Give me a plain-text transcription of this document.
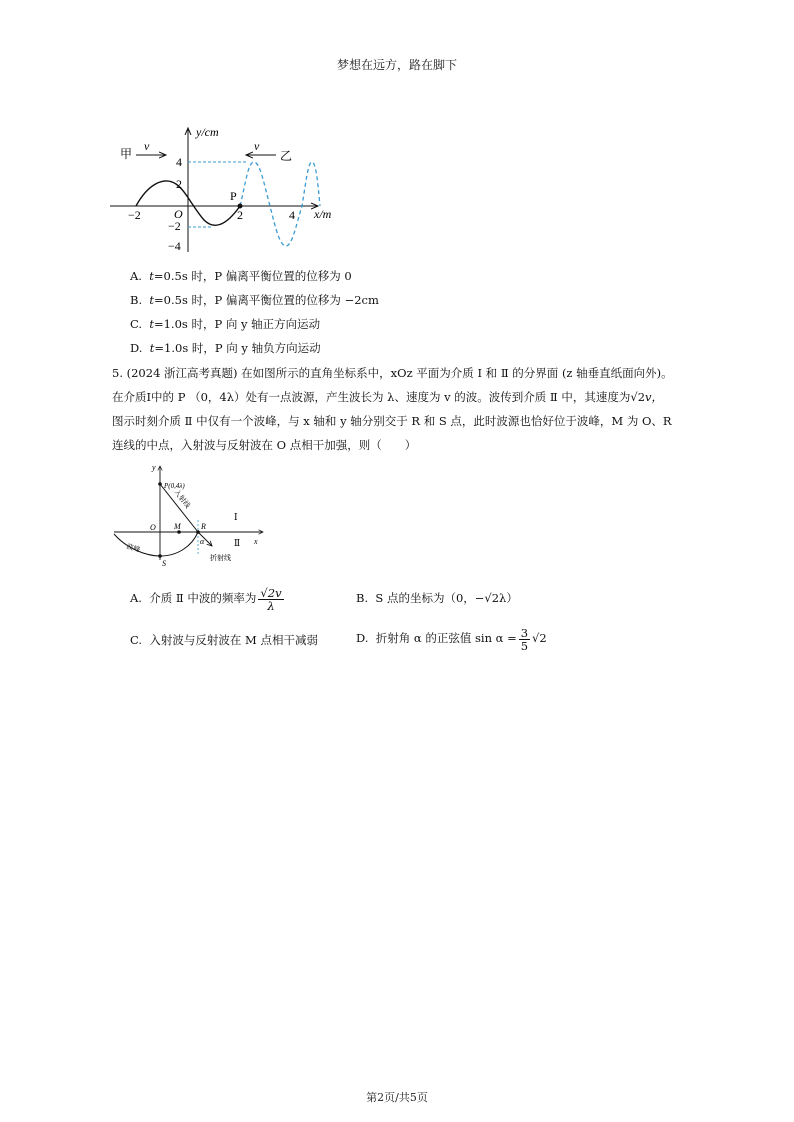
梦想在远方，路在脚下
P
y/cm
x/m
O
4
2
−2
−4
−2	2	4
甲
v	v
乙
A. t=0.5s 时，P 偏离平衡位置的位移为 0
B. t=0.5s 时，P 偏离平衡位置的位移为 −2cm
C. t=1.0s 时，P 向 y 轴正方向运动
D. t=1.0s 时，P 向 y 轴负方向运动
5. (2024 浙江高考真题) 在如图所示的直角坐标系中，xOz 平面为介质 Ⅰ 和 Ⅱ 的分界面 (z 轴垂直纸面向外)。
在介质Ⅰ中的 P （0，4λ）处有一点波源，产生波长为 λ、速度为 v 的波。波传到介质 Ⅱ 中，其速度为√2v，
图示时刻介质 Ⅱ 中仅有一个波峰，与 x 轴和 y 轴分别交于 R 和 S 点，此时波源也恰好位于波峰，M 为 O、R
连线的中点，入射波与反射波在 O 点相干加强，则（　　）
y
x
P(0,4λ)
O M	R
S
α
Ⅰ
Ⅱ
入射线
折射线
波峰
A. 介质 Ⅱ 中波的频率为 $\frac{√2v}{\lambda}$	B. S 点的坐标为（0，−√2λ）
C. 入射波与反射波在 M 点相干减弱	D. 折射角 α 的正弦值 $\sin \alpha = \frac{3}{5} √2$
第2页/共5页
